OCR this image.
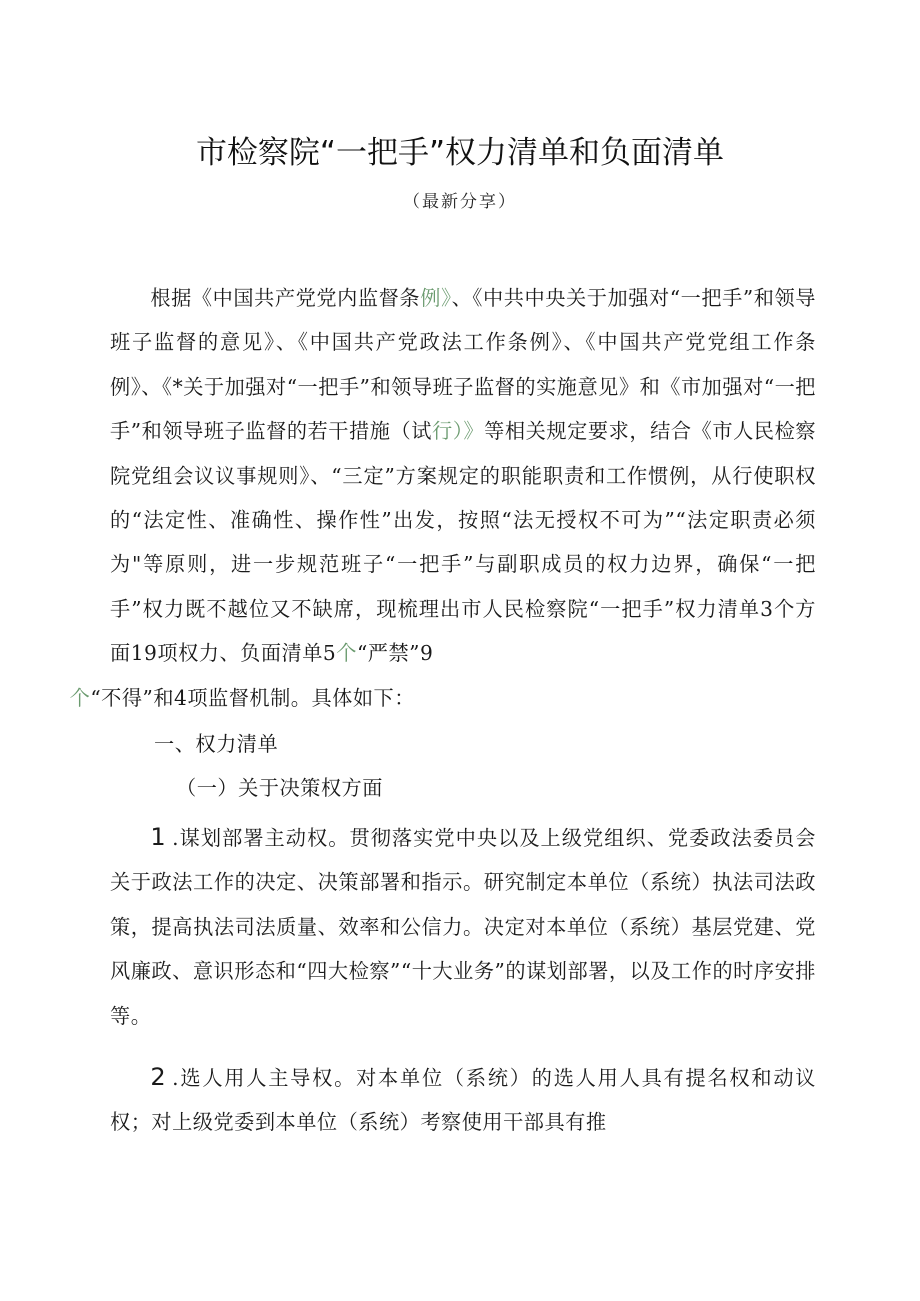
市检察院“一把手”权力清单和负面清单
（最新分享）

根据《中国共产党党内监督条例》、《中共中央关于加强对“一把手”和领导班子监督的意见》、《中国共产党政法工作条例》、《中国共产党党组工作条例》、《*关于加强对“一把手”和领导班子监督的实施意见》和《市加强对“一把手”和领导班子监督的若干措施（试行）》等相关规定要求，结合《市人民检察院党组会议议事规则》、“三定”方案规定的职能职责和工作惯例，从行使职权的“法定性、准确性、操作性”出发，按照“法无授权不可为”“法定职责必须为"等原则，进一步规范班子“一把手”与副职成员的权力边界，确保“一把手”权力既不越位又不缺席，现梳理出市人民检察院“一把手”权力清单3个方面19项权力、负面清单5个“严禁”9
个“不得”和4项监督机制。具体如下：

一、权力清单

（一）关于决策权方面

1 .谋划部署主动权。贯彻落实党中央以及上级党组织、党委政法委员会关于政法工作的决定、决策部署和指示。研究制定本单位（系统）执法司法政策，提高执法司法质量、效率和公信力。决定对本单位（系统）基层党建、党风廉政、意识形态和“四大检察”“十大业务”的谋划部署，以及工作的时序安排等。

2 .选人用人主导权。对本单位（系统）的选人用人具有提名权和动议权；对上级党委到本单位（系统）考察使用干部具有推
